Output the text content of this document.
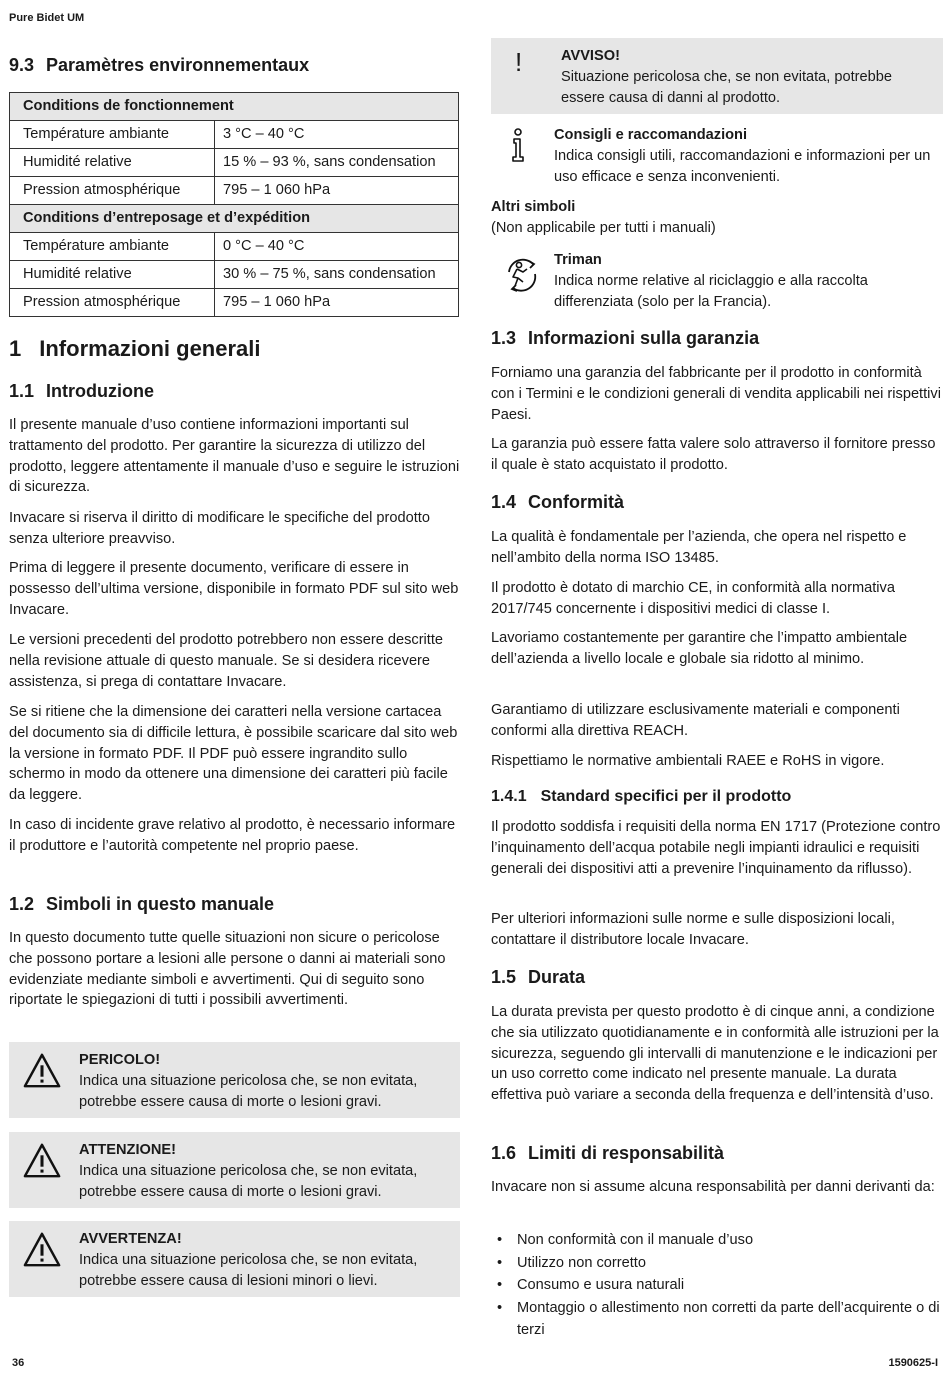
Pure Bidet UM
36	1590625-I
9.3 Paramètres environnementaux
Conditions de fonctionnement	
Température ambiante	3 °C – 40 °C
Humidité relative	15 % – 93 %, sans condensation
Pression atmosphérique	795 – 1 060 hPa
Conditions d’entreposage et d’expédition	
Température ambiante	0 °C – 40 °C
Humidité relative	30 % – 75 %, sans condensation
Pression atmosphérique	795 – 1 060 hPa
1 Informazioni generali
1.1 Introduzione

Il presente manuale d’uso contiene informazioni importanti sul trattamento del prodotto. Per garantire la sicurezza di utilizzo del prodotto, leggere attentamente il manuale d’uso e seguire le istruzioni di sicurezza.

Invacare si riserva il diritto di modificare le specifiche del prodotto senza ulteriore preavviso.

Prima di leggere il presente documento, verificare di essere in possesso dell’ultima versione, disponibile in formato PDF sul sito web Invacare.

Le versioni precedenti del prodotto potrebbero non essere descritte nella revisione attuale di questo manuale. Se si desidera ricevere assistenza, si prega di contattare Invacare.

Se si ritiene che la dimensione dei caratteri nella versione cartacea del documento sia di difficile lettura, è possibile scaricare dal sito web la versione in formato PDF. Il PDF può essere ingrandito sullo schermo in modo da ottenere una dimensione dei caratteri più facile da leggere.

In caso di incidente grave relativo al prodotto, è necessario informare il produttore e l’autorità competente nel proprio paese.

1.2 Simboli in questo manuale

In questo documento tutte quelle situazioni non sicure o pericolose che possono portare a lesioni alle persone o danni ai materiali sono evidenziate mediante simboli e avvertimenti. Qui di seguito sono riportate le spiegazioni di tutti i possibili avvertimenti.

PERICOLO!
Indica una situazione pericolosa che, se non evitata, potrebbe essere causa di morte o lesioni gravi.
ATTENZIONE!
Indica una situazione pericolosa che, se non evitata, potrebbe essere causa di morte o lesioni gravi.
AVVERTENZA!
Indica una situazione pericolosa che, se non evitata, potrebbe essere causa di lesioni minori o lievi.
!	AVVISO!
Situazione pericolosa che, se non evitata, potrebbe essere causa di danni al prodotto.
Consigli e raccomandazioni
Indica consigli utili, raccomandazioni e informazioni per un uso efficace e senza inconvenienti.
Altri simboli
(Non applicabile per tutti i manuali)
Triman
Indica norme relative al riciclaggio e alla raccolta differenziata (solo per la Francia).
1.3 Informazioni sulla garanzia

Forniamo una garanzia del fabbricante per il prodotto in conformità con i Termini e le condizioni generali di vendita applicabili nei rispettivi Paesi.

La garanzia può essere fatta valere solo attraverso il fornitore presso il quale è stato acquistato il prodotto.

1.4 Conformità

La qualità è fondamentale per l’azienda, che opera nel rispetto e nell’ambito della norma ISO 13485.

Il prodotto è dotato di marchio CE, in conformità alla normativa 2017/745 concernente i dispositivi medici di classe I.

Lavoriamo costantemente per garantire che l’impatto ambientale dell’azienda a livello locale e globale sia ridotto al minimo.

Garantiamo di utilizzare esclusivamente materiali e componenti conformi alla direttiva REACH.

Rispettiamo le normative ambientali RAEE e RoHS in vigore.

1.4.1 Standard specifici per il prodotto

Il prodotto soddisfa i requisiti della norma EN 1717 (Protezione contro l’inquinamento dell’acqua potabile negli impianti idraulici e requisiti generali dei dispositivi atti a prevenire l’inquinamento da riflusso).

Per ulteriori informazioni sulle norme e sulle disposizioni locali, contattare il distributore locale Invacare.

1.5 Durata

La durata prevista per questo prodotto è di cinque anni, a condizione che sia utilizzato quotidianamente e in conformità alle istruzioni per la sicurezza, seguendo gli intervalli di manutenzione e le indicazioni per un uso corretto come indicato nel presente manuale. La durata effettiva può variare a seconda della frequenza e dell’intensità d’uso.

1.6 Limiti di responsabilità

Invacare non si assume alcuna responsabilità per danni derivanti da:

• Non conformità con il manuale d’uso
• Utilizzo non corretto
• Consumo e usura naturali
• Montaggio o allestimento non corretti da parte dell’acquirente o di terzi
